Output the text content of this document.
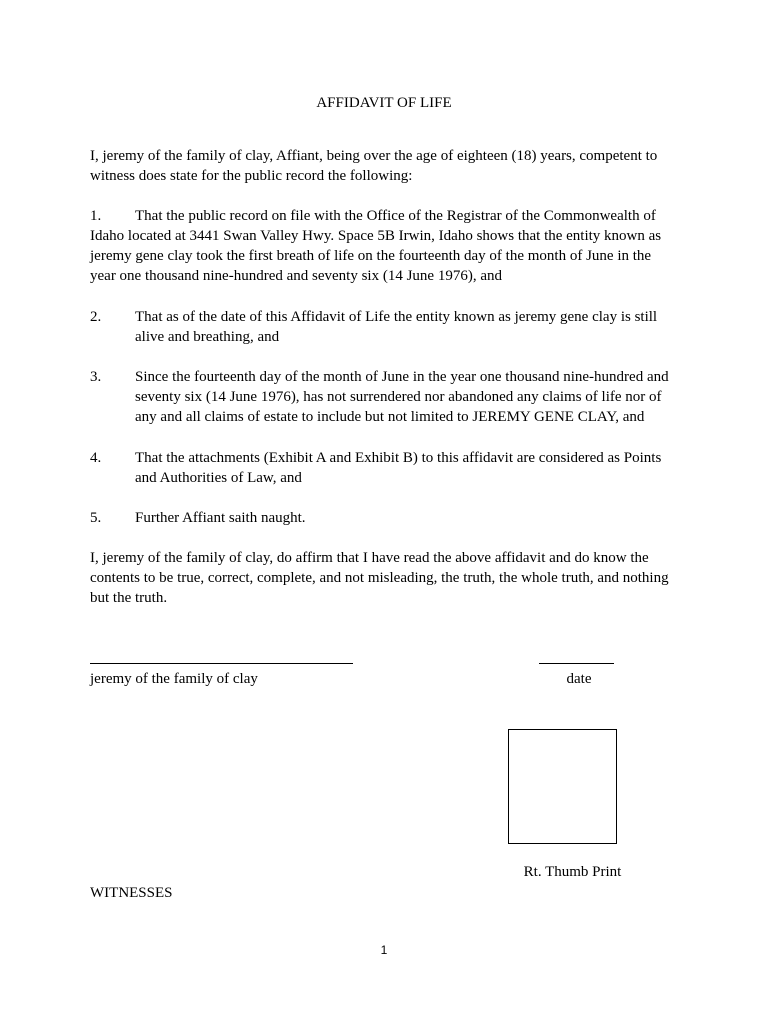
AFFIDAVIT OF LIFE
I, jeremy of the family of clay, Affiant, being over the age of eighteen (18) years, competent to witness does state for the public record the following:
1. That the public record on file with the Office of the Registrar of the Commonwealth of Idaho located at 3441 Swan Valley Hwy. Space 5B Irwin, Idaho shows that the entity known as jeremy gene clay took the first breath of life on the fourteenth day of the month of June in the year one thousand nine-hundred and seventy six (14 June 1976), and
2. That as of the date of this Affidavit of Life the entity known as jeremy gene clay is still alive and breathing, and
3. Since the fourteenth day of the month of June in the year one thousand nine-hundred and seventy six (14 June 1976), has not surrendered nor abandoned any claims of life nor of any and all claims of estate to include but not limited to JEREMY GENE CLAY, and
4. That the attachments (Exhibit A and Exhibit B) to this affidavit are considered as Points and Authorities of Law, and
5. Further Affiant saith naught.
I, jeremy of the family of clay, do affirm that I have read the above affidavit and do know the contents to be true, correct, complete, and not misleading, the truth, the whole truth, and nothing but the truth.
jeremy of the family of clay	date
Rt. Thumb Print
WITNESSES
1
